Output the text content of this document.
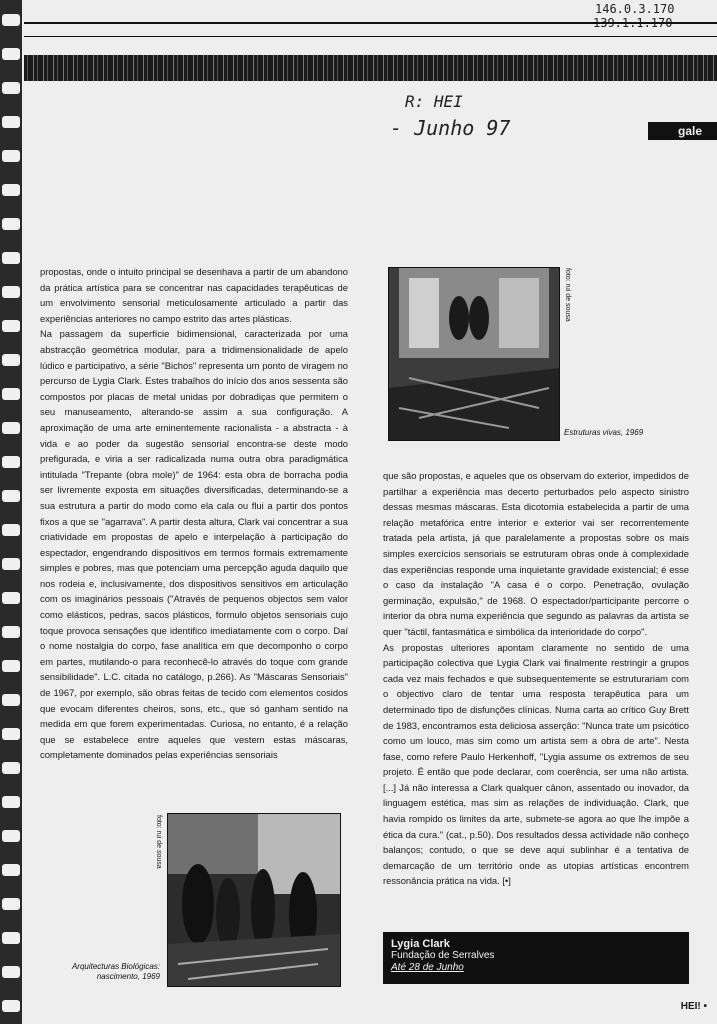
146.0.3.170
R: HEI
- Junho 97	gale

propostas, onde o intuito principal se desenhava a partir de um abandono da prática artística para se concentrar nas capacidades terapêuticas de um envolvimento sensorial meticulosamente articulado a partir das experiências anteriores no campo estrito das artes plásticas.

Na passagem da superfície bidimensional, caracterizada por uma abstracção geométrica modular, para a tridimensionalidade de apelo lúdico e participativo, a série "Bichos" representa um ponto de viragem no percurso de Lygia Clark. Estes trabalhos do início dos anos sessenta são compostos por placas de metal unidas por dobradiças que permitem o seu manuseamento, alterando-se assim a sua configuração. A aproximação de uma arte eminentemente racionalista - a abstracta - à vida e ao poder da sugestão sensorial encontra-se deste modo prefigurada, e viria a ser radicalizada numa outra obra paradigmática intitulada "Trepante (obra mole)" de 1964: esta obra de borracha podia ser livremente exposta em situações diversificadas, determinando-se a sua estrutura a partir do modo como ela cala ou flui a partir dos pontos fixos a que se "agarrava". A partir desta altura, Clark vai concentrar a sua criatividade em propostas de apelo e interpelação à participação do espectador, engendrando dispositivos em termos formais extremamente simples e pobres, mas que potenciam uma percepção aguda daquilo que nos rodeia e, inclusivamente, dos dispositivos sensitivos em articulação com os imaginários pessoais ("Através de pequenos objectos sem valor como elásticos, pedras, sacos plásticos, formulo objetos sensoriais cujo toque provoca sensações que identifico imediatamente com o corpo. Daí o nome nostalgia do corpo, fase analítica em que decomponho o corpo em partes, mutilando-o para reconhecê-lo através do toque com grande sensibilidade". L.C. citada no catálogo, p.266). As "Máscaras Sensoriais" de 1967, por exemplo, são obras feitas de tecido com elementos cosidos que evocam diferentes cheiros, sons, etc., que só ganham sentido na medida em que forem experimentadas. Curiosa, no entanto, é a relação que se estabelece entre aqueles que vestem estas máscaras, completamente dominados pelas experiências sensoriais

foto: rui de sousa
Estruturas vivas, 1969

que são propostas, e aqueles que os observam do exterior, impedidos de partilhar a experiência mas decerto perturbados pelo aspecto sinistro dessas mesmas máscaras. Esta dicotomia estabelecida a partir de uma relação metafórica entre interior e exterior vai ser recorrentemente tratada pela artista, já que paralelamente a propostas sobre os mais simples exercícios sensoriais se estruturam obras onde à complexidade das experiências responde uma inquietante gravidade existencial; é esse o caso da instalação "A casa é o corpo. Penetração, ovulação germinação, expulsão," de 1968. O espectador/participante percorre o interior da obra numa experiência que segundo as palavras da artista se quer "táctil, fantasmática e simbólica da interioridade do corpo".

As propostas ulteriores apontam claramente no sentido de uma participação colectiva que Lygia Clark vai finalmente restringir a grupos cada vez mais fechados e que subsequentemente se estruturariam com o objectivo claro de tentar uma resposta terapêutica para um determinado tipo de disfunções clínicas. Numa carta ao crítico Guy Brett de 1983, encontramos esta deliciosa asserção: "Nunca trate um psicótico como um louco, mas sim como um artista sem a obra de arte". Nesta fase, como refere Paulo Herkenhoff, "Lygia assume os extremos de seu projeto. É então que pode declarar, com coerência, ser uma não artista. [...] Já não interessa a Clark qualquer cânon, assentado ou inovador, da linguagem estética, mas sim as relações de individuação. Clark, que havia rompido os limites da arte, submete-se agora ao que lhe impõe a ética da cura." (cat., p.50). Dos resultados dessa actividade não conheço balanços; contudo, o que se deve aqui sublinhar é a tentativa de demarcação de um território onde as utopias artísticas encontrem ressonância prática na vida. [•]

foto: rui de sousa
Arquitecturas Biológicas:
nascimento, 1969
Lygia Clark
Fundação de Serralves
Até 28 de Junho
HEI! •
